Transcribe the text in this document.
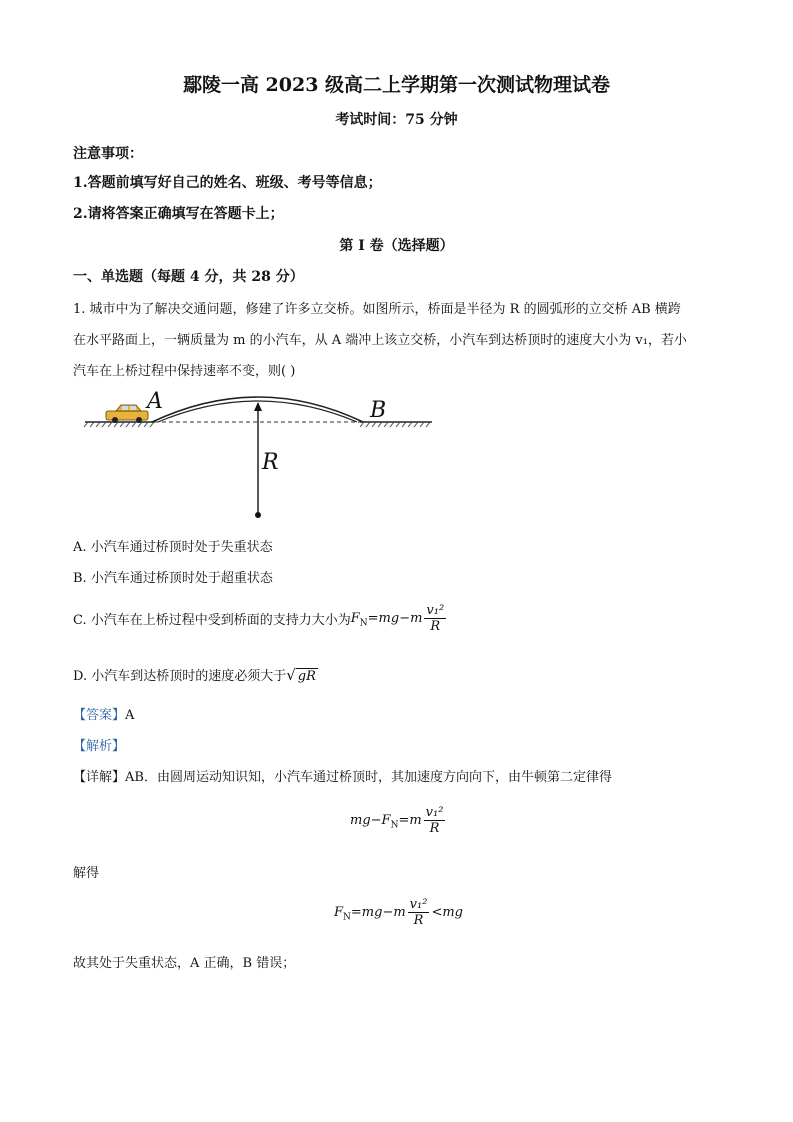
鄢陵一高 2023 级高二上学期第一次测试物理试卷
考试时间：75 分钟
注意事项：
1.答题前填写好自己的姓名、班级、考号等信息；
2.请将答案正确填写在答题卡上；
第 I 卷（选择题）
一、单选题（每题 4 分，共 28 分）
1. 城市中为了解决交通问题，修建了许多立交桥。如图所示，桥面是半径为 R 的圆弧形的立交桥 AB 横跨
在水平路面上，一辆质量为 m 的小汽车，从 A 端冲上该立交桥，小汽车到达桥顶时的速度大小为 v₁，若小
汽车在上桥过程中保持速率不变，则( )
A	B
R
A. 小汽车通过桥顶时处于失重状态
B. 小汽车通过桥顶时处于超重状态
C. 小汽车在上桥过程中受到桥面的支持力大小为$F_N=mg-m \frac{\text{v₁²}}{R}$
D. 小汽车到达桥顶时的速度必须大于√ gR
【答案】A
【解析】
【详解】AB．由圆周运动知识知，小汽车通过桥顶时，其加速度方向向下，由牛顿第二定律得
$mg-F_N=m \frac{\text{v₁²}}{R}$
解得
$F_N=mg-m \frac{\text{v₁²}}{R} <mg$
故其处于失重状态，A 正确，B 错误；
